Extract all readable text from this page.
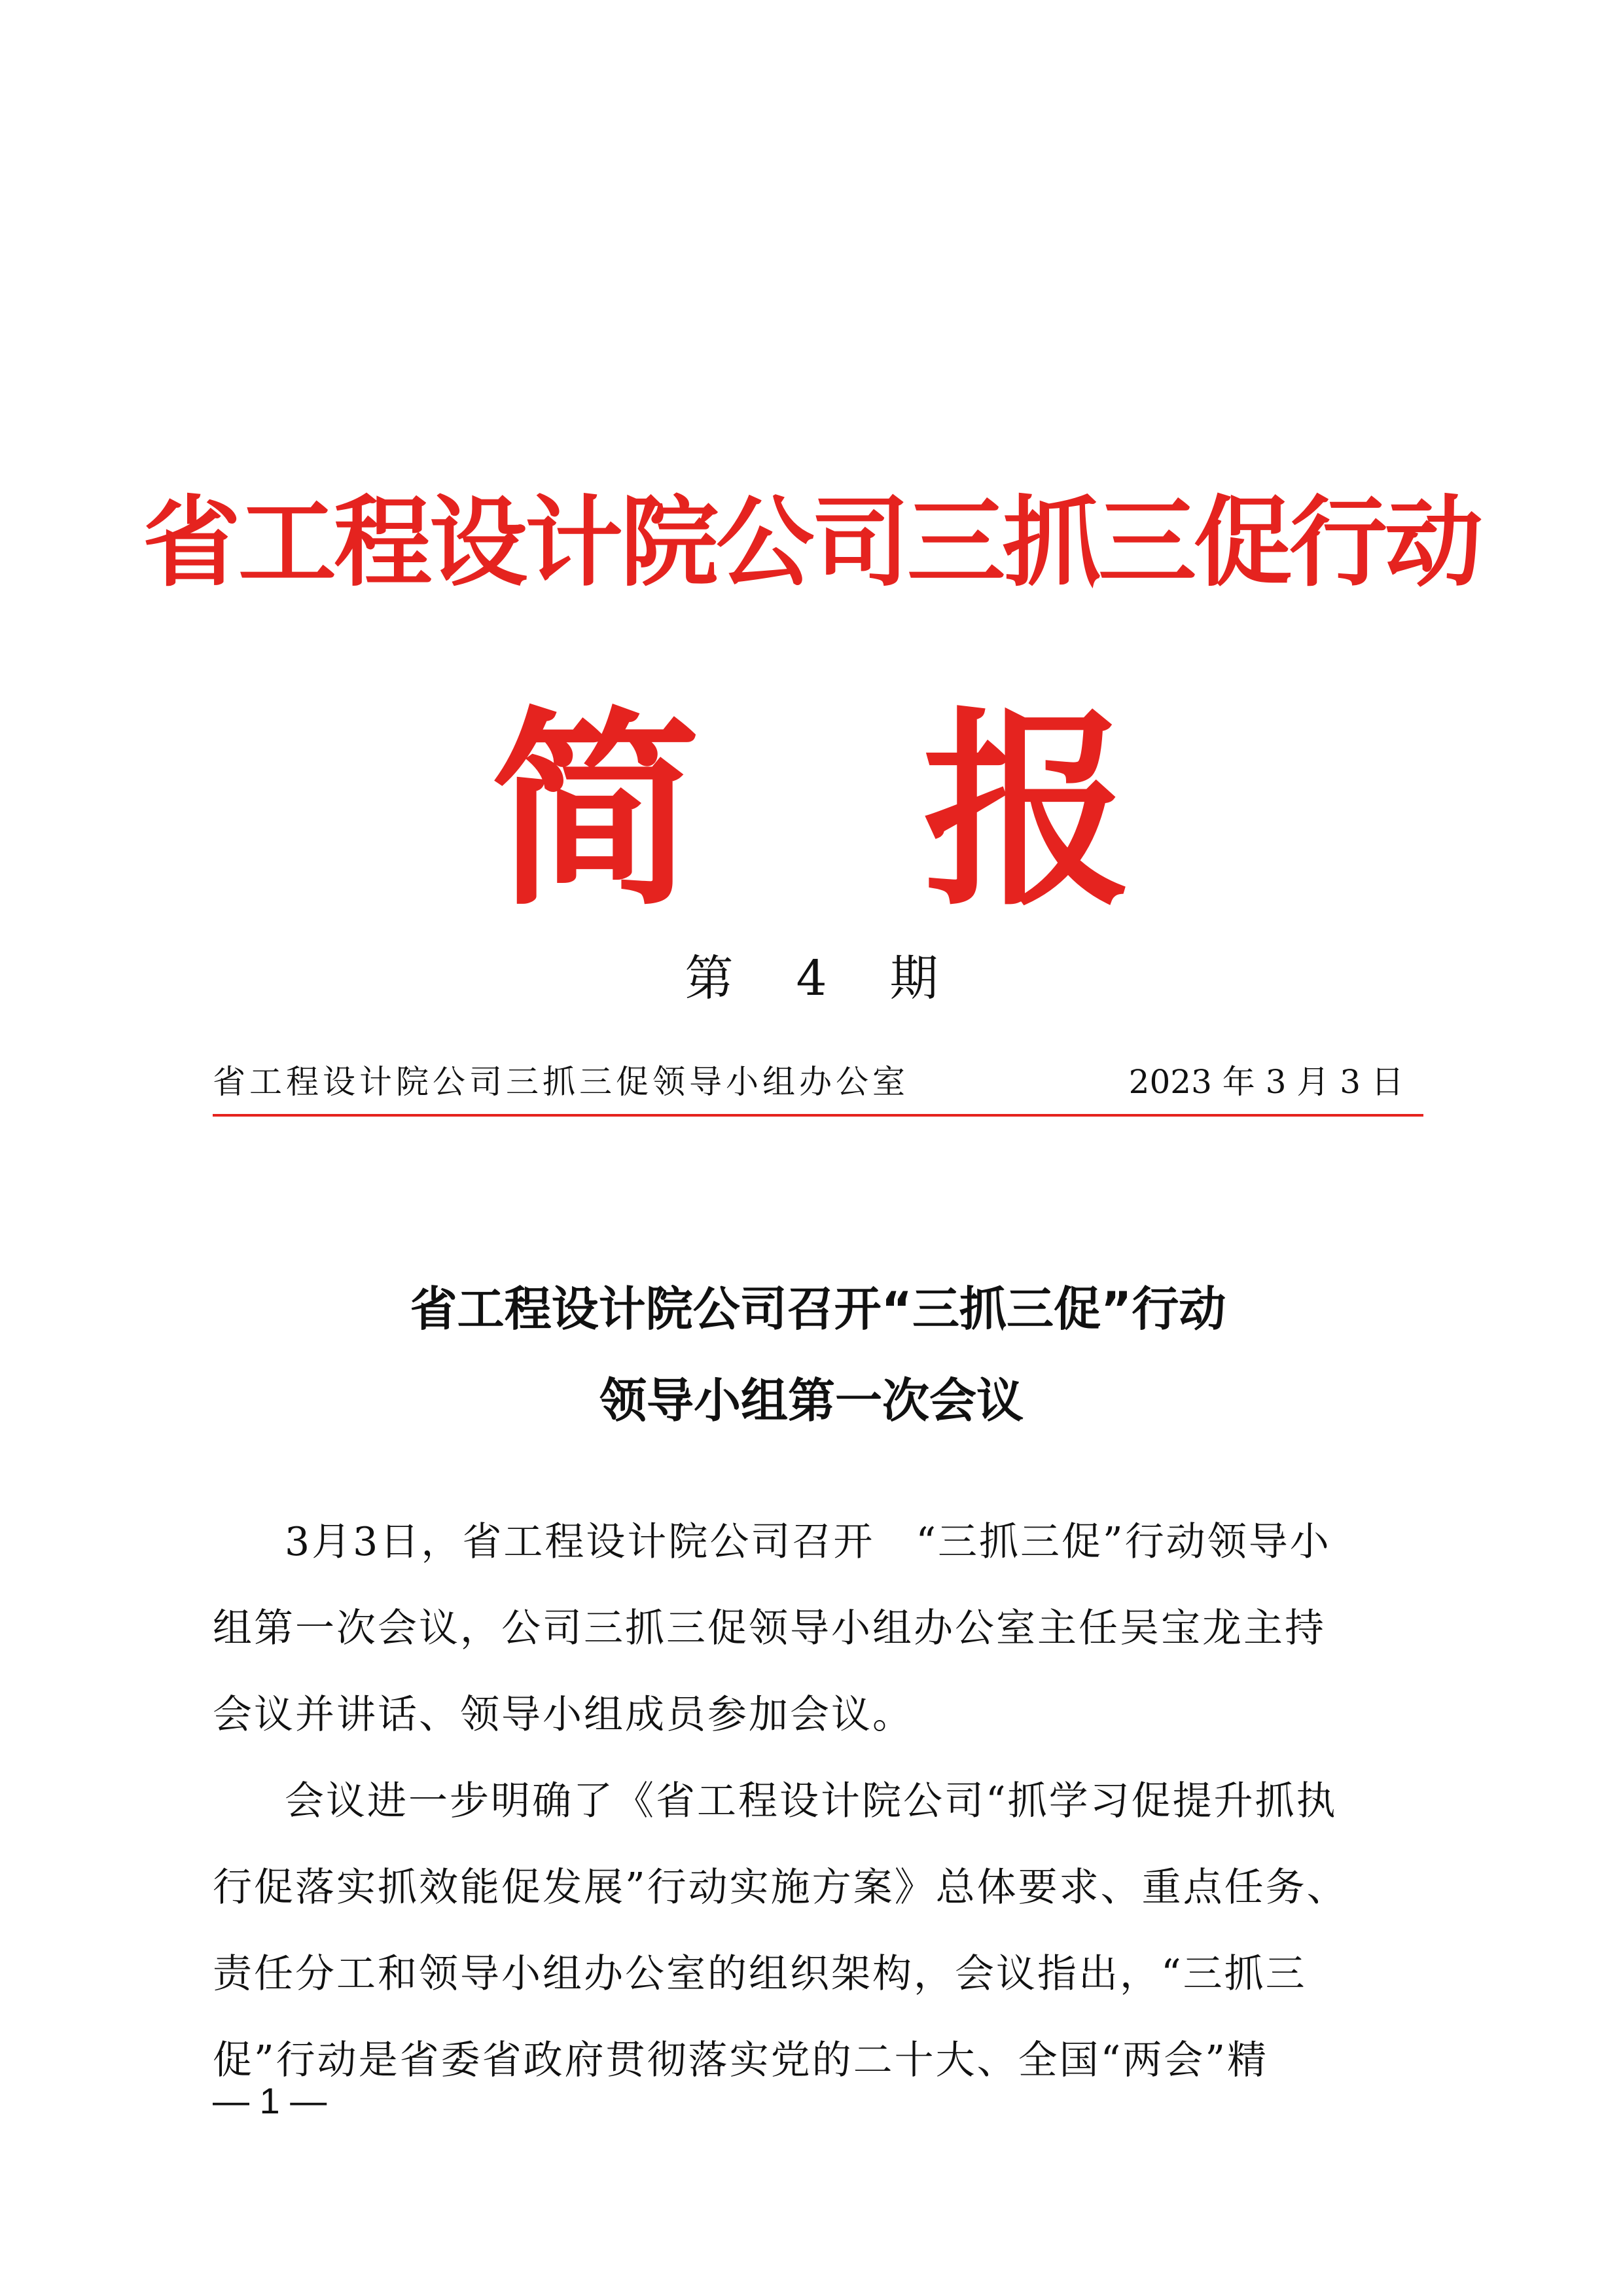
省工程设计院公司三抓三促行动
简 报
第 4 期
省工程设计院公司三抓三促领导小组办公室	2023 年 3 月 3 日
省工程设计院公司召开“三抓三促”行动
领导小组第一次会议
3月3日，省工程设计院公司召开　“三抓三促”行动领导小
组第一次会议，公司三抓三促领导小组办公室主任吴宝龙主持
会议并讲话、领导小组成员参加会议。
会议进一步明确了《省工程设计院公司“抓学习促提升抓执
行促落实抓效能促发展”行动实施方案》总体要求、重点任务、
责任分工和领导小组办公室的组织架构，会议指出，“三抓三
促”行动是省委省政府贯彻落实党的二十大、全国“两会”精
— 1 —
